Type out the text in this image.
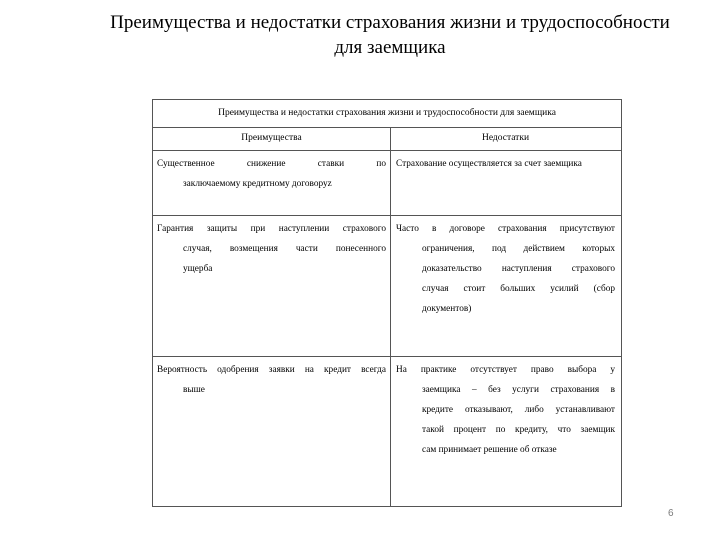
Преимущества и недостатки страхования жизни и трудоспособности
для заемщика
Преимущества и недостатки страхования жизни и трудоспособности для заемщика
Преимущества	Недостатки
Существенное снижение ставки по
заключаемому кредитному договоруz
Страхование осуществляется за счет заемщика
Гарантия защиты при наступлении страхового
случая, возмещения части понесенного
ущерба
Часто в договоре страхования присутствуют
ограничения, под действием которых
доказательство наступления страхового
случая стоит больших усилий (сбор
документов)
Вероятность одобрения заявки на кредит всегда
выше
На практике отсутствует право выбора у
заемщика – без услуги страхования в
кредите отказывают, либо устанавливают
такой процент по кредиту, что заемщик
сам принимает решение об отказе
6
